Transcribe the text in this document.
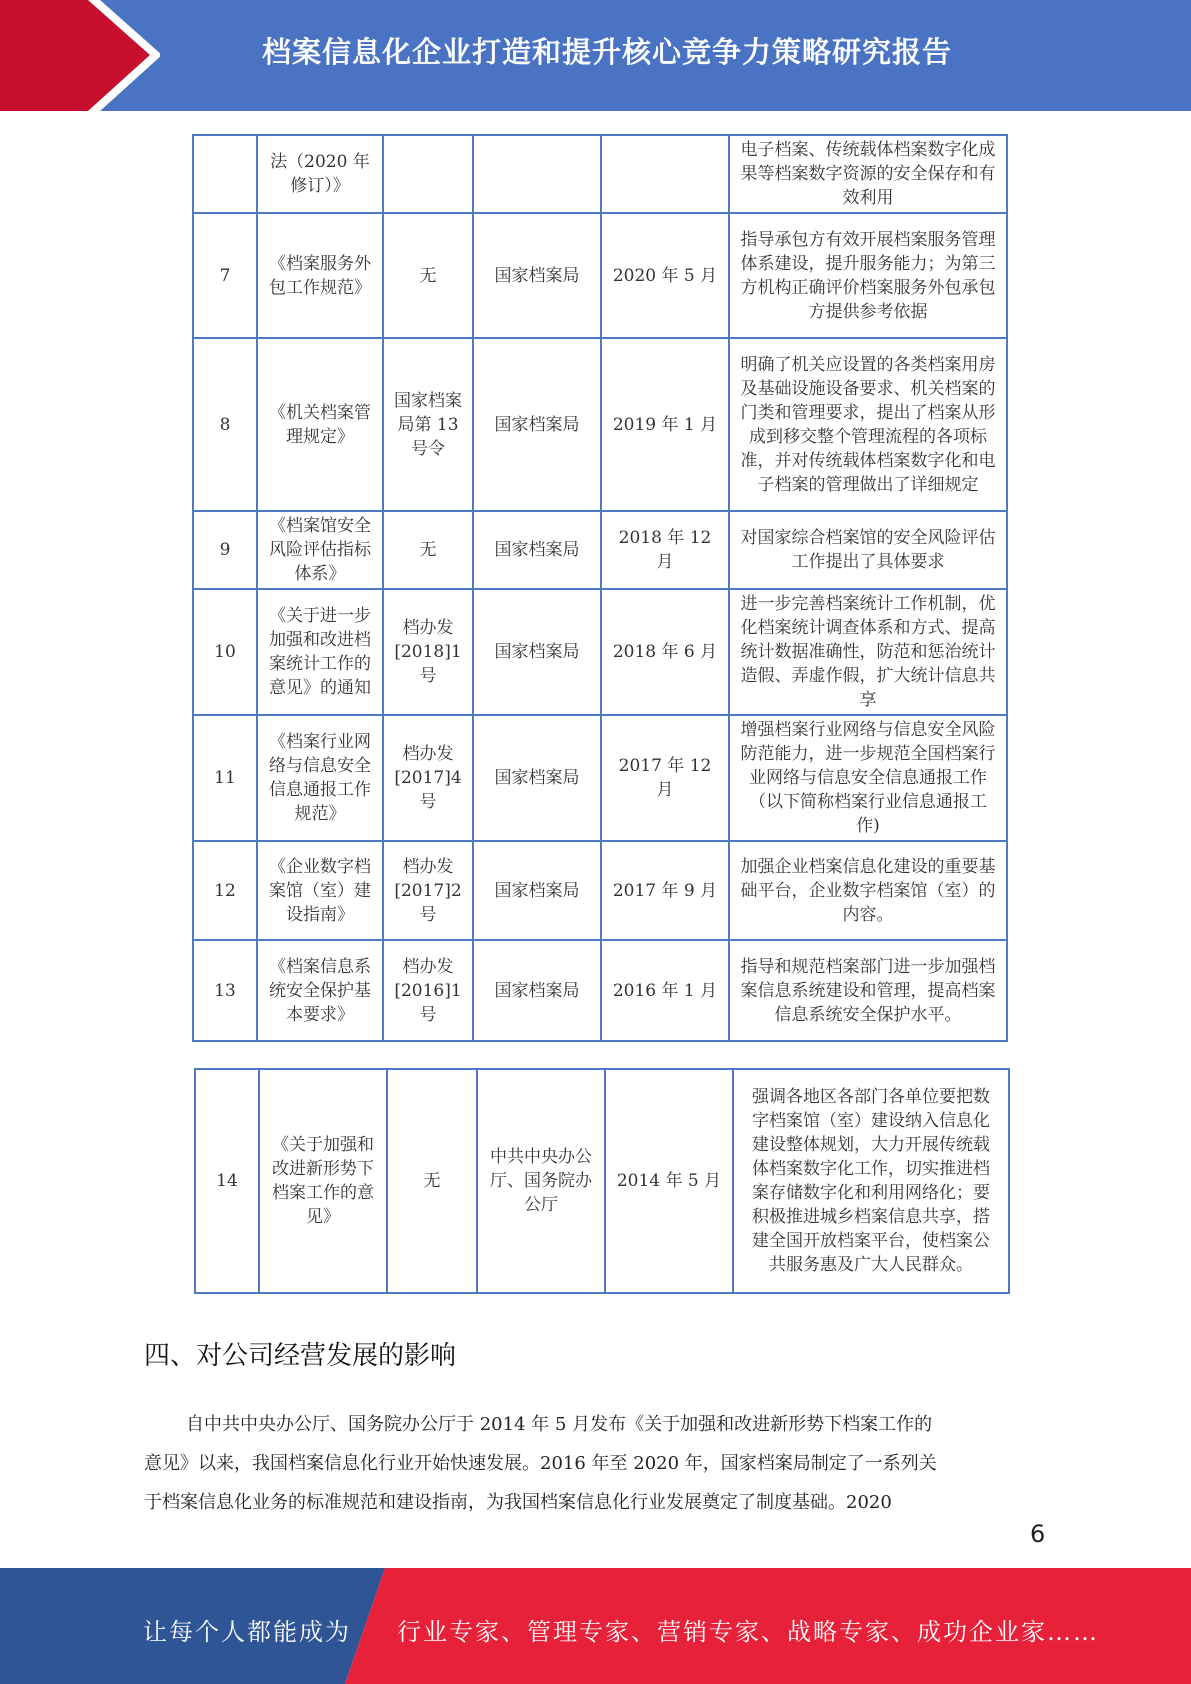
档案信息化企业打造和提升核心竞争力策略研究报告
	法（2020 年修订）》				电子档案、传统载体档案数字化成果等档案数字资源的安全保存和有效利用
7	《档案服务外包工作规范》	无	国家档案局	2020 年 5 月	指导承包方有效开展档案服务管理体系建设，提升服务能力；为第三方机构正确评价档案服务外包承包方提供参考依据
8	《机关档案管理规定》	国家档案局第 13 号令	国家档案局	2019 年 1 月	明确了机关应设置的各类档案用房及基础设施设备要求、机关档案的门类和管理要求，提出了档案从形成到移交整个管理流程的各项标准，并对传统载体档案数字化和电子档案的管理做出了详细规定
9	《档案馆安全风险评估指标体系》	无	国家档案局	2018 年 12 月	对国家综合档案馆的安全风险评估工作提出了具体要求
10	《关于进一步加强和改进档案统计工作的意见》的通知	档办发[2018]1 号	国家档案局	2018 年 6 月	进一步完善档案统计工作机制，优化档案统计调查体系和方式、提高统计数据准确性，防范和惩治统计造假、弄虚作假，扩大统计信息共享
11	《档案行业网络与信息安全信息通报工作规范》	档办发[2017]4 号	国家档案局	2017 年 12 月	增强档案行业网络与信息安全风险防范能力，进一步规范全国档案行业网络与信息安全信息通报工作（以下简称档案行业信息通报工作)
12	《企业数字档案馆（室）建设指南》	档办发[2017]2 号	国家档案局	2017 年 9 月	加强企业档案信息化建设的重要基础平台，企业数字档案馆（室）的内容。
13	《档案信息系统安全保护基本要求》	档办发[2016]1 号	国家档案局	2016 年 1 月	指导和规范档案部门进一步加强档案信息系统建设和管理，提高档案信息系统安全保护水平。
14	《关于加强和改进新形势下档案工作的意见》	无	中共中央办公厅、国务院办公厅	2014 年 5 月	强调各地区各部门各单位要把数字档案馆（室）建设纳入信息化建设整体规划，大力开展传统载体档案数字化工作，切实推进档案存储数字化和利用网络化；要积极推进城乡档案信息共享，搭建全国开放档案平台，使档案公共服务惠及广大人民群众。
四、对公司经营发展的影响
自中共中央办公厅、国务院办公厅于 2014 年 5 月发布《关于加强和改进新形势下档案工作的
意见》以来，我国档案信息化行业开始快速发展。2016 年至 2020 年，国家档案局制定了一系列关
于档案信息化业务的标准规范和建设指南，为我国档案信息化行业发展奠定了制度基础。2020
6
让每个人都能成为 行业专家、管理专家、营销专家、战略专家、成功企业家……
